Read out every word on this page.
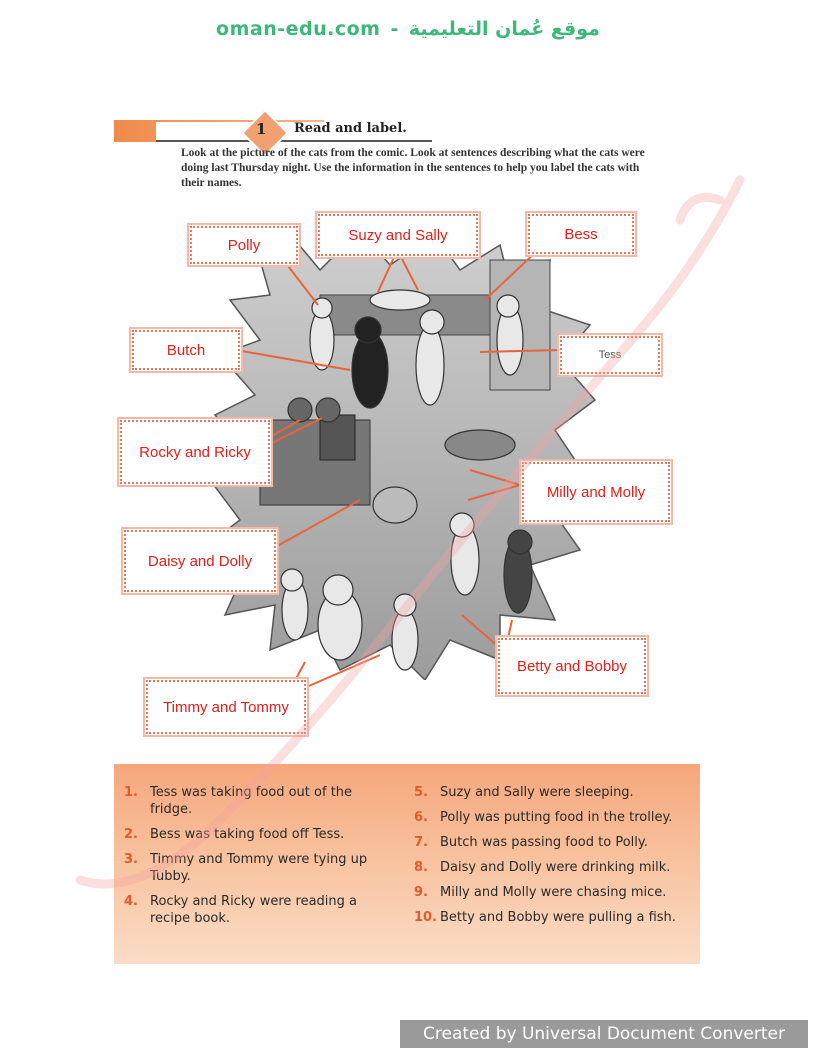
oman-edu.com - موقع عُمان التعليمية
1 Read and label.
Look at the picture of the cats from the comic. Look at sentences describing what the cats were doing last Thursday night. Use the information in the sentences to help you label the cats with their names.
Polly
Suzy and Sally	Bess
Butch	Tess
Rocky and Ricky
Milly and Molly
Daisy and Dolly
Betty and Bobby
Timmy and Tommy
1. Tess was taking food out of the fridge.
2. Bess was taking food off Tess.
3. Timmy and Tommy were tying up Tubby.
4. Rocky and Ricky were reading a recipe book.
5. Suzy and Sally were sleeping.
6. Polly was putting food in the trolley.
7. Butch was passing food to Polly.
8. Daisy and Dolly were drinking milk.
9. Milly and Molly were chasing mice.
10. Betty and Bobby were pulling a fish.
Created by Universal Document Converter
